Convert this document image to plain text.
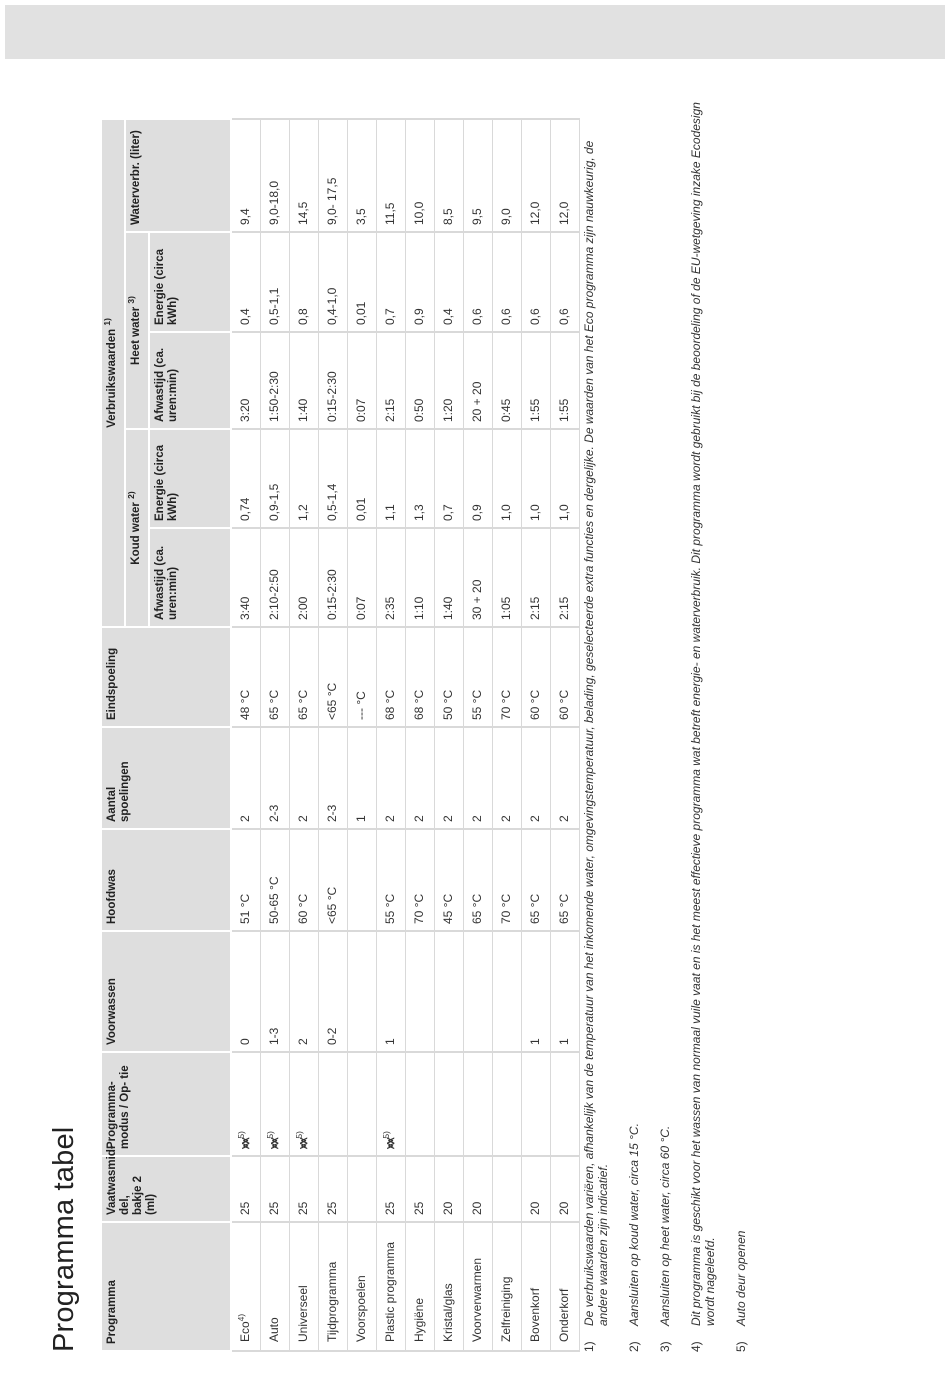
Programma tabel Programma	Vaatwasmid- del, bakje 2 (ml)	Programma- modus / Op- tie	Voorwassen	Hoofdwas	Aantal spoelingen	Eindspoeling	Verbruikswaarden $^{1)}$
							Koud water $^{2)}$		Heet water $^{3)}$		Waterverbr. (liter)
							Afwastijd (ca. uren:min)	Energie (circa kWh)	Afwastijd (ca. uren:min)	Energie (circa kWh)	
Eco$^{4)}$	25	⩙⩙$^{5)}$	0	51 °C	2	48 °C	3:40	0,74	3:20	0,4	9,4
Auto	25	⩙⩙$^{5)}$	1-3	50-65 °C	2-3	65 °C	2:10-2:50	0,9-1,5	1:50-2:30	0,5-1,1	9,0-18,0
Universeel	25	⩙⩙$^{5)}$	2	60 °C	2	65 °C	2:00	1,2	1:40	0,8	14,5
Tijdprogramma	25		0-2	<65 °C	2-3	<65 °C	0:15-2:30	0,5-1,4	0:15-2:30	0,4-1,0	9,0- 17,5
Voorspoelen					1	--- °C	0:07	0,01	0:07	0,01	3,5
Plastic programma	25	⩙⩙$^{5)}$	1	55 °C	2	68 °C	2:35	1,1	2:15	0,7	11,5
Hygiëne	25			70 °C	2	68 °C	1:10	1,3	0:50	0,9	10,0
Kristal/glas	20			45 °C	2	50 °C	1:40	0,7	1:20	0,4	8,5
Voorverwarmen	20			65 °C	2	55 °C	30 + 20	0,9	20 + 20	0,6	9,5
Zelfreiniging				70 °C	2	70 °C	1:05	1,0	0:45	0,6	9,0
Bovenkorf	20		1	65 °C	2	60 °C	2:15	1,0	1:55	0,6	12,0
Onderkorf	20		1	65 °C	2	60 °C	2:15	1,0	1:55	0,6	12,0
1)
De verbruikswaarden variëren, afhankelijk van de temperatuur van het inkomende water, omgevingstemperatuur, belading, geselecteerde extra functies en dergelijke. De waarden van het Eco programma zijn nauwkeurig, de andere waarden zijn indicatief.
2)
Aansluiten op koud water, circa 15 °C.
3)
Aansluiten op heet water, circa 60 °C.
4)
Dit programma is geschikt voor het wassen van normaal vuile vaat en is het meest effectieve programma wat betreft energie- en waterverbruik. Dit programma wordt gebruikt bij de beoordeling of de EU-wetgeving inzake Ecodesign wordt nageleefd.
5)
Auto deur openen
